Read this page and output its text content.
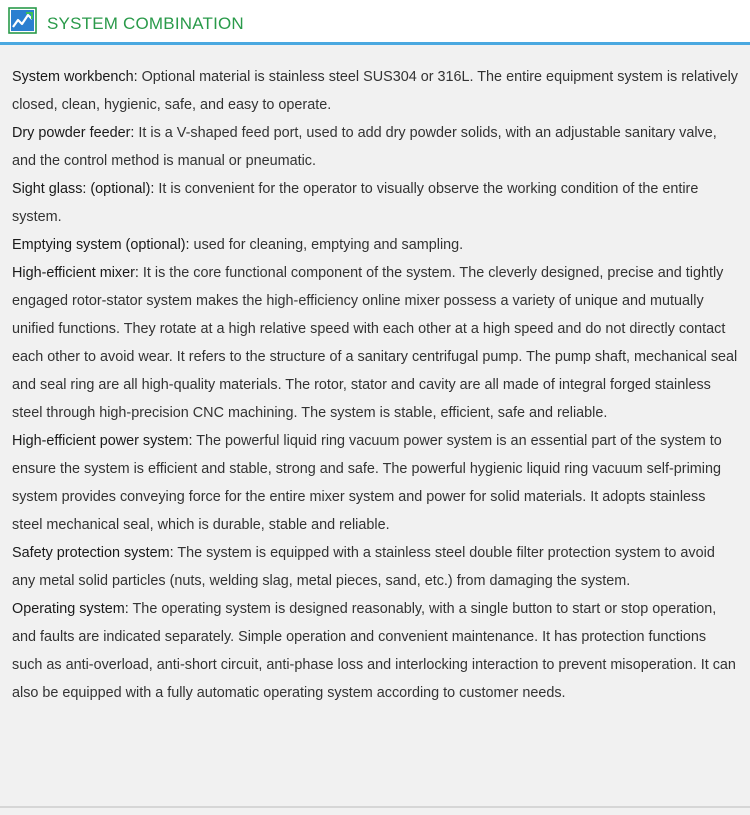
SYSTEM COMBINATION

System workbench: Optional material is stainless steel SUS304 or 316L. The entire equipment system is relatively closed, clean, hygienic, safe, and easy to operate.

Dry powder feeder: It is a V-shaped feed port, used to add dry powder solids, with an adjustable sanitary valve, and the control method is manual or pneumatic.

Sight glass: (optional): It is convenient for the operator to visually observe the working condition of the entire system.

Emptying system (optional): used for cleaning, emptying and sampling.

High-efficient mixer: It is the core functional component of the system. The cleverly designed, precise and tightly engaged rotor-stator system makes the high-efficiency online mixer possess a variety of unique and mutually unified functions. They rotate at a high relative speed with each other at a high speed and do not directly contact each other to avoid wear. It refers to the structure of a sanitary centrifugal pump. The pump shaft, mechanical seal and seal ring are all high-quality materials. The rotor, stator and cavity are all made of integral forged stainless steel through high-precision CNC machining. The system is stable, efficient, safe and reliable.

High-efficient power system: The powerful liquid ring vacuum power system is an essential part of the system to ensure the system is efficient and stable, strong and safe. The powerful hygienic liquid ring vacuum self-priming system provides conveying force for the entire mixer system and power for solid materials. It adopts stainless steel mechanical seal, which is durable, stable and reliable.

Safety protection system: The system is equipped with a stainless steel double filter protection system to avoid any metal solid particles (nuts, welding slag, metal pieces, sand, etc.) from damaging the system.

Operating system: The operating system is designed reasonably, with a single button to start or stop operation, and faults are indicated separately. Simple operation and convenient maintenance. It has protection functions such as anti-overload, anti-short circuit, anti-phase loss and interlocking interaction to prevent misoperation. It can also be equipped with a fully automatic operating system according to customer needs.
